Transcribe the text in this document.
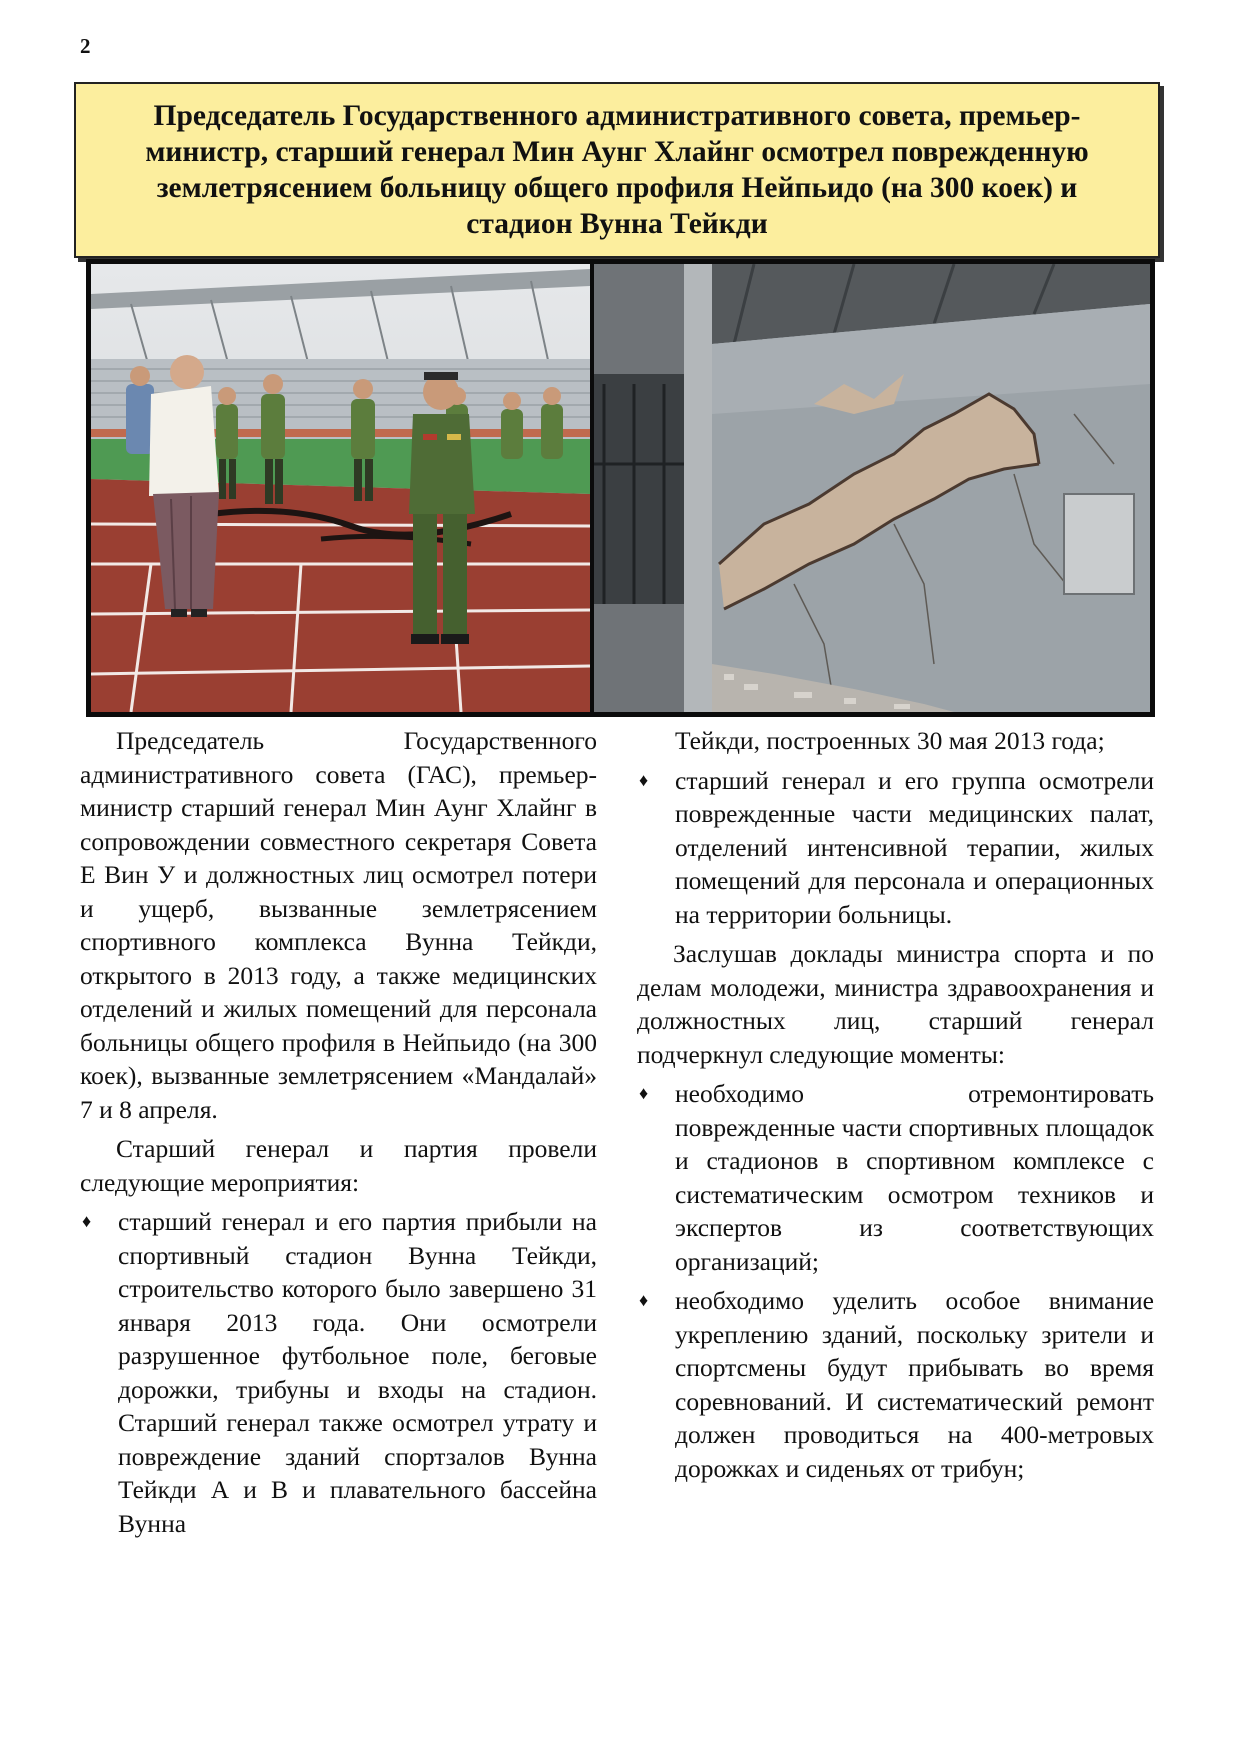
2
Председатель Государственного административного совета, премьер-министр, старший генерал Мин Аунг Хлайнг осмотрел поврежденную землетрясением больницу общего профиля Нейпьидо (на 300 коек) и стадион Вунна Тейкди

Председатель Государственного административного совета (ГАС), премьер-министр старший генерал Мин Аунг Хлайнг в сопровождении совместного секретаря Совета Е Вин У и должностных лиц осмотрел потери и ущерб, вызванные землетрясением спортивного комплекса Вунна Тейкди, открытого в 2013 году, а также медицинских отделений и жилых помещений для персонала больницы общего профиля в Нейпьидо (на 300 коек), вызванные землетрясением «Мандалай» 7 и 8 апреля.

Старший генерал и партия провели следующие мероприятия:

♦ старший генерал и его партия прибыли на спортивный стадион Вунна Тейкди, строительство которого было завершено 31 января 2013 года. Они осмотрели разрушенное футбольное поле, беговые дорожки, трибуны и входы на стадион. Старший генерал также осмотрел утрату и повреждение зданий спортзалов Вунна Тейкди А и В и плавательного бассейна Вунна

Тейкди, построенных 30 мая 2013 года;

♦ старший генерал и его группа осмотрели поврежденные части медицинских палат, отделений интенсивной терапии, жилых помещений для персонала и операционных на территории больницы.

Заслушав доклады министра спорта и по делам молодежи, министра здравоохранения и должностных лиц, старший генерал подчеркнул следующие моменты:

♦ необходимо отремонтировать поврежденные части спортивных площадок и стадионов в спортивном комплексе с систематическим осмотром техников и экспертов из соответствующих организаций;
♦ необходимо уделить особое внимание укреплению зданий, поскольку зрители и спортсмены будут прибывать во время соревнований. И систематический ремонт должен проводиться на 400-метровых дорожках и сиденьях от трибун;
